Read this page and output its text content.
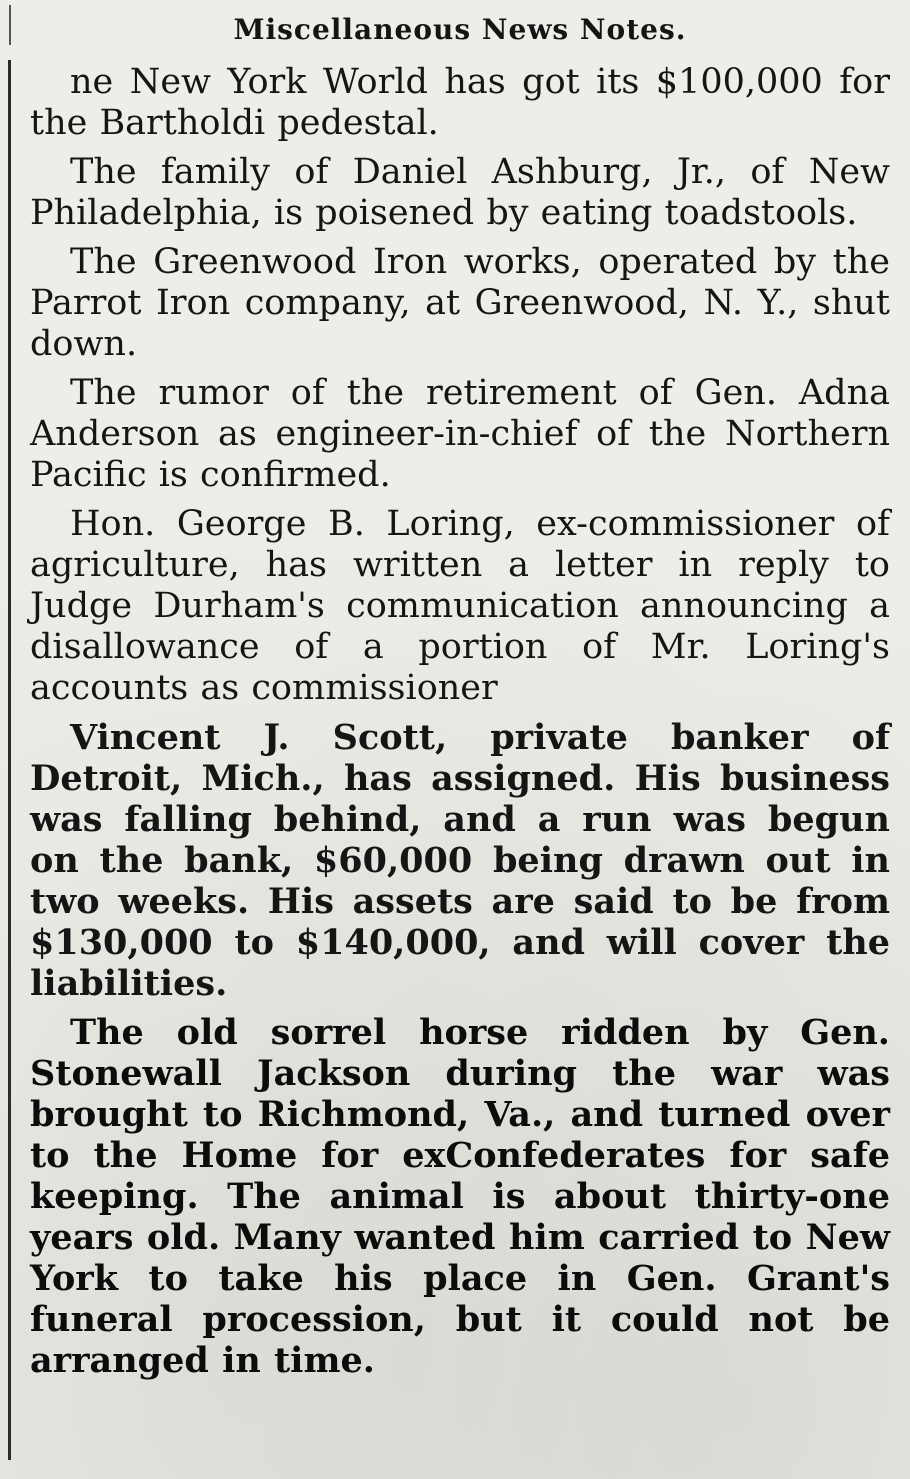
Miscellaneous News Notes.

ne New York World has got its $100,000 for the Bartholdi pedestal.

The family of Daniel Ashburg, Jr., of New Philadelphia, is poisened by eating toadstools.

The Greenwood Iron works, operated by the Parrot Iron company, at Greenwood, N. Y., shut down.

The rumor of the retirement of Gen. Adna Anderson as engineer-in-chief of the Northern Pacific is confirmed.

Hon. George B. Loring, ex-commissioner of agriculture, has written a letter in reply to Judge Durham's communication announcing a disallowance of a portion of Mr. Loring's accounts as commissioner

Vincent J. Scott, private banker of Detroit, Mich., has assigned. His business was falling behind, and a run was begun on the bank, $60,000 being drawn out in two weeks. His assets are said to be from $130,000 to $140,000, and will cover the liabilities.

The old sorrel horse ridden by Gen. Stonewall Jackson during the war was brought to Richmond, Va., and turned over to the Home for exConfederates for safe keeping. The animal is about thirty-one years old. Many wanted him carried to New York to take his place in Gen. Grant's funeral procession, but it could not be arranged in time.
